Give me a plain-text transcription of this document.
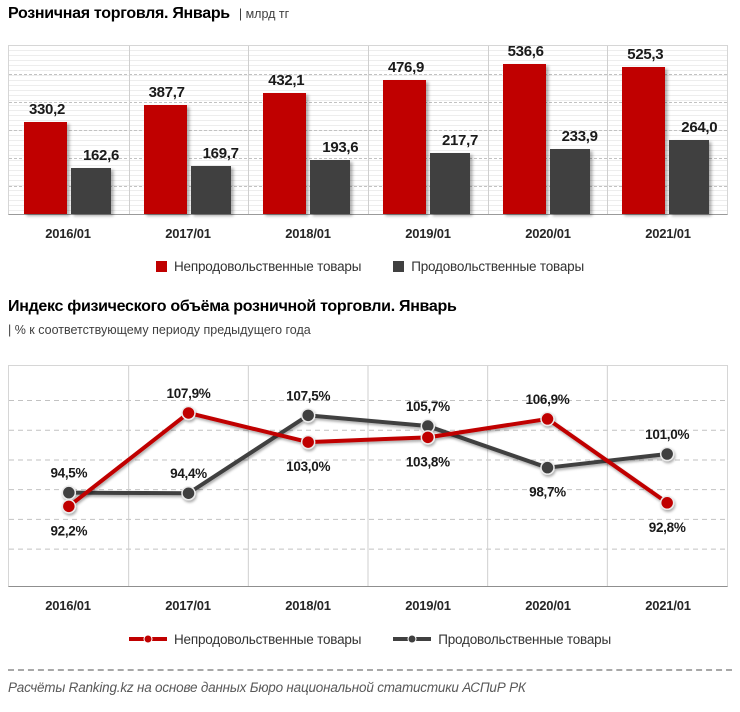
Розничная торговля. Январь | млрд тг
330,2
387,7
432,1
476,9
536,6	525,3
162,6	169,7	193,6	217,7	233,9	264,0
2016/01	2017/01	2018/01	2019/01	2020/01	2021/01
Непродовольственные товары	Продовольственные товары
Индекс физического объёма розничной торговли. Январь
| % к соответствующему периоду предыдущего года
94,5%	94,4%
107,5%
105,7%
98,7%
101,0%
92,2%
107,9%
103,0%	103,8%
106,9%
92,8%
2016/01	2017/01	2018/01	2019/01	2020/01	2021/01
Непродовольственные товары	Продовольственные товары
Расчёты Ranking.kz на основе данных Бюро национальной статистики АСПиР РК
